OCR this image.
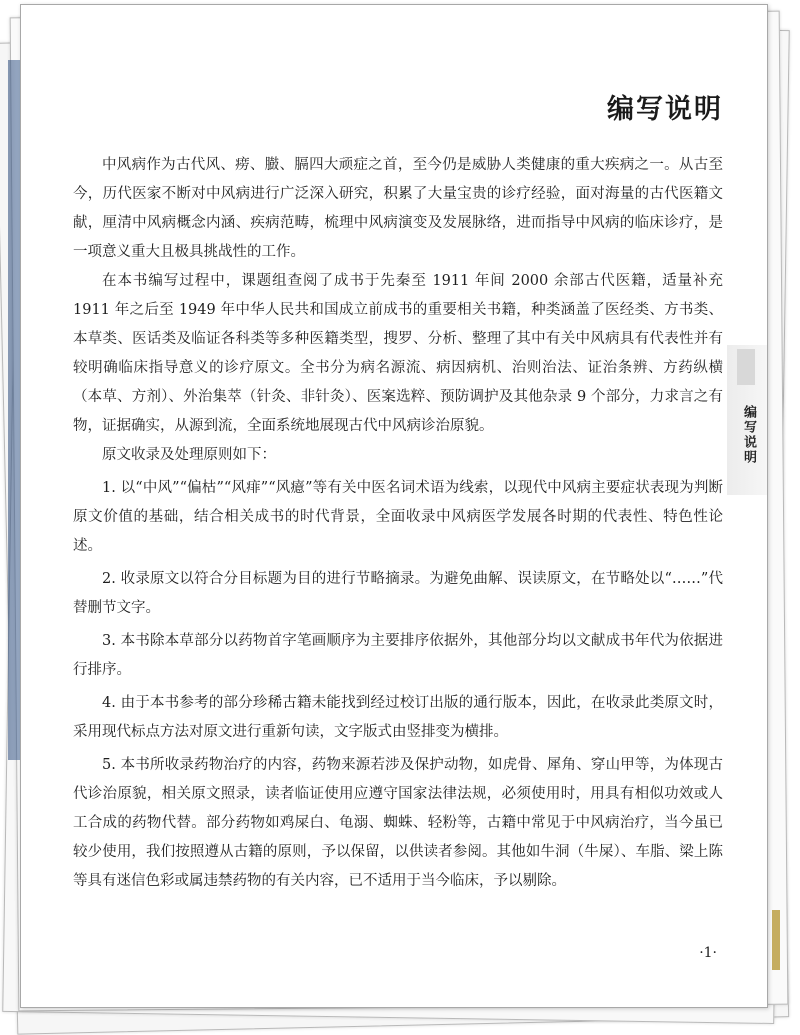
编写说明

中风病作为古代风、痨、臌、膈四大顽症之首，至今仍是威胁人类健康的重大疾病之一。从古至今，历代医家不断对中风病进行广泛深入研究，积累了大量宝贵的诊疗经验，面对海量的古代医籍文献，厘清中风病概念内涵、疾病范畴，梳理中风病演变及发展脉络，进而指导中风病的临床诊疗，是一项意义重大且极具挑战性的工作。

在本书编写过程中，课题组查阅了成书于先秦至 1911 年间 2000 余部古代医籍，适量补充 1911 年之后至 1949 年中华人民共和国成立前成书的重要相关书籍，种类涵盖了医经类、方书类、本草类、医话类及临证各科类等多种医籍类型，搜罗、分析、整理了其中有关中风病具有代表性并有较明确临床指导意义的诊疗原文。全书分为病名源流、病因病机、治则治法、证治条辨、方药纵横（本草、方剂）、外治集萃（针灸、非针灸）、医案选粹、预防调护及其他杂录 9 个部分，力求言之有物，证据确实，从源到流，全面系统地展现古代中风病诊治原貌。

原文收录及处理原则如下：

1. 以“中风”“偏枯”“风痱”“风癔”等有关中医名词术语为线索，以现代中风病主要症状表现为判断原文价值的基础，结合相关成书的时代背景，全面收录中风病医学发展各时期的代表性、特色性论述。

2. 收录原文以符合分目标题为目的进行节略摘录。为避免曲解、误读原文，在节略处以“……”代替删节文字。

3. 本书除本草部分以药物首字笔画顺序为主要排序依据外，其他部分均以文献成书年代为依据进行排序。

4. 由于本书参考的部分珍稀古籍未能找到经过校订出版的通行版本，因此，在收录此类原文时，采用现代标点方法对原文进行重新句读，文字版式由竖排变为横排。

5. 本书所收录药物治疗的内容，药物来源若涉及保护动物，如虎骨、犀角、穿山甲等，为体现古代诊治原貌，相关原文照录，读者临证使用应遵守国家法律法规，必须使用时，用具有相似功效或人工合成的药物代替。部分药物如鸡屎白、龟溺、蜘蛛、轻粉等，古籍中常见于中风病治疗，当今虽已较少使用，我们按照遵从古籍的原则，予以保留，以供读者参阅。其他如牛洞（牛屎）、车脂、梁上陈等具有迷信色彩或属违禁药物的有关内容，已不适用于当今临床，予以剔除。

编写说明
·1·
